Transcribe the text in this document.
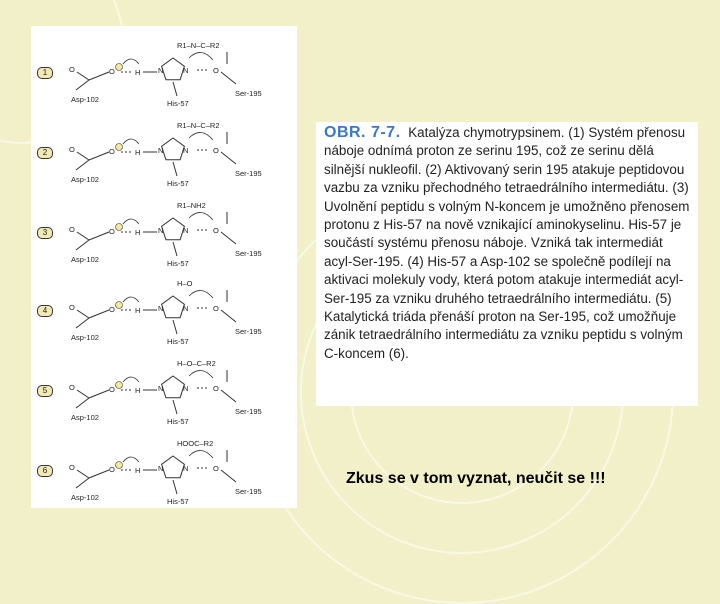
O	O
Asp-102
H N	N
His-57
O
Ser-195
R1–N–C–R2
O	O
Asp-102
H N	N
His-57
O
Ser-195
R1–N–C–R2
O	O
Asp-102
H N	N
His-57
O
Ser-195
R1–NH2
O	O
Asp-102
H N	N
His-57
O
Ser-195
H–O
O	O
Asp-102
H N	N
His-57
O
Ser-195
H–O–C–R2
O	O
Asp-102
H N	N
His-57
O
Ser-195
HOOC–R2
1
2
3
4
5
6
OBR. 7-7. Katalýza chymotrypsinem. (1) Systém přenosu náboje odnímá proton ze serinu 195, což ze serinu dělá silnější nukleofil. (2) Aktivovaný serin 195 atakuje peptidovou vazbu za vzniku přechodného tetraedrálního intermediátu. (3) Uvolnění peptidu s volným N-koncem je umožněno přenosem protonu z His-57 na nově vznikající aminokyselinu. His-57 je součástí systému přenosu náboje. Vzniká tak intermediát acyl-Ser-195. (4) His-57 a Asp-102 se společně podílejí na aktivaci molekuly vody, která potom atakuje intermediát acyl-Ser-195 za vzniku druhého tetraedrálního intermediátu. (5) Katalytická triáda přenáší proton na Ser-195, což umožňuje zánik tetraedrálního intermediátu za vzniku peptidu s volným C-koncem (6).
Zkus se v tom vyznat, neučit se !!!
